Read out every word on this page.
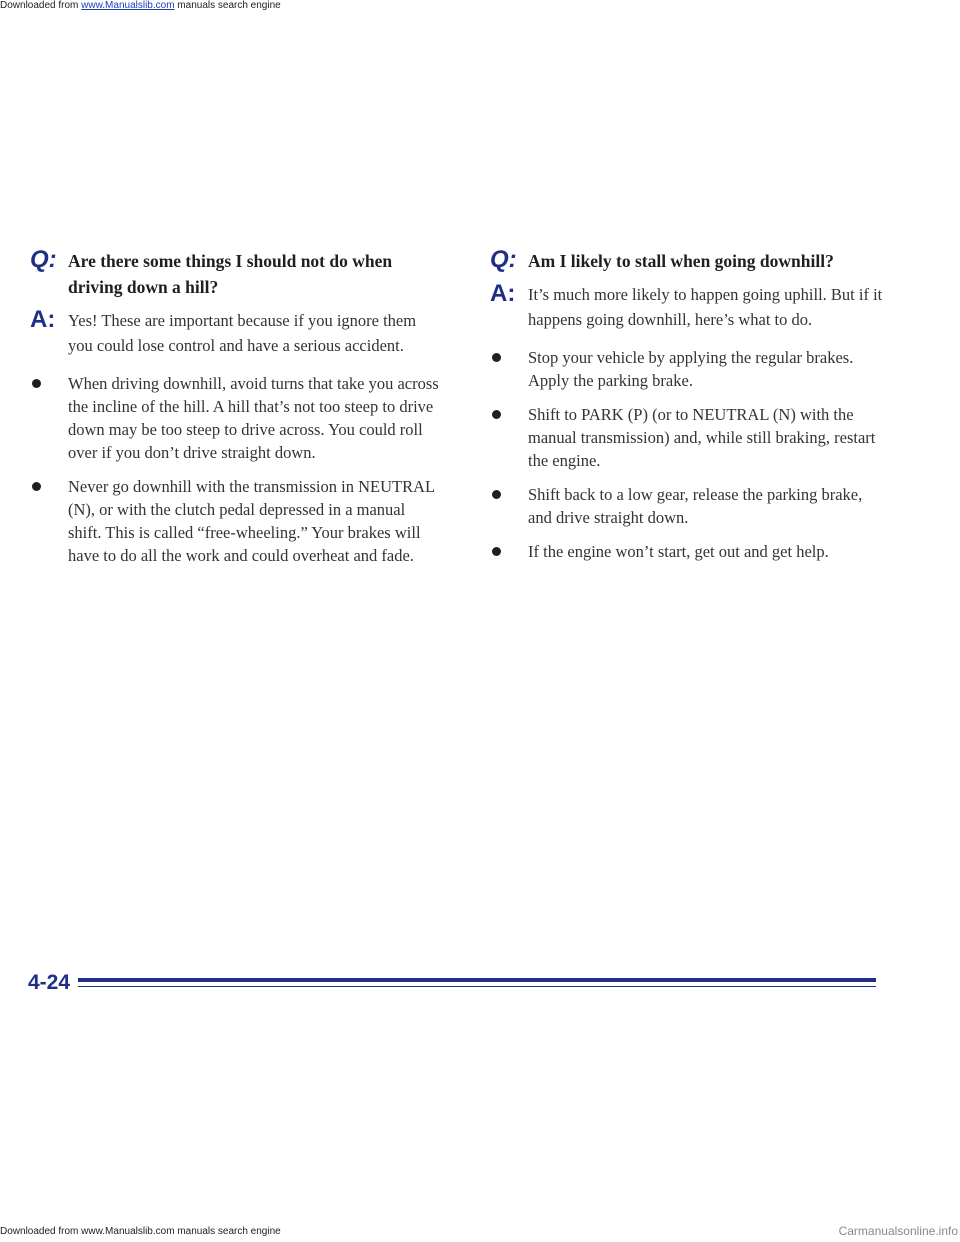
Downloaded from www.Manualslib.com manuals search engine
Q: Are there some things I should not do when driving down a hill?
A: Yes! These are important because if you ignore them you could lose control and have a serious accident.
When driving downhill, avoid turns that take you across the incline of the hill. A hill that’s not too steep to drive down may be too steep to drive across. You could roll over if you don’t drive straight down.
Never go downhill with the transmission in NEUTRAL (N), or with the clutch pedal depressed in a manual shift. This is called “free-wheeling.” Your brakes will have to do all the work and could overheat and fade.
Q: Am I likely to stall when going downhill?
A: It’s much more likely to happen going uphill. But if it happens going downhill, here’s what to do.
Stop your vehicle by applying the regular brakes. Apply the parking brake.
Shift to PARK (P) (or to NEUTRAL (N) with the manual transmission) and, while still braking, restart the engine.
Shift back to a low gear, release the parking brake, and drive straight down.
If the engine won’t start, get out and get help.
4-24
Downloaded from www.Manualslib.com manuals search engine	Carmanualsonline.info
